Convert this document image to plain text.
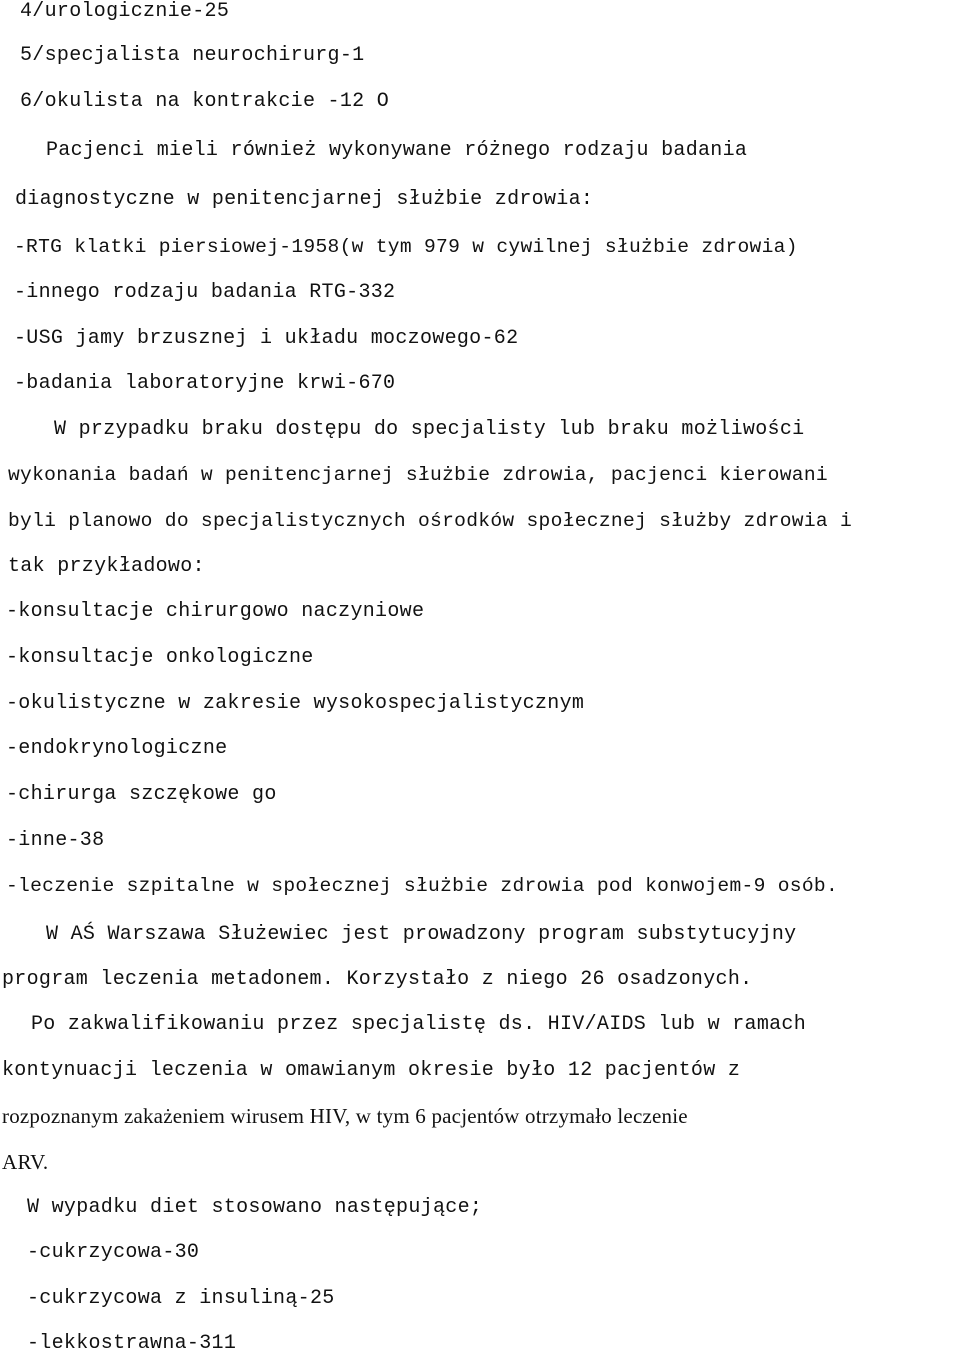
4/urologicznie-25
5/specjalista neurochirurg-1
6/okulista na kontrakcie -12 O
Pacjenci mieli również wykonywane różnego rodzaju badania
diagnostyczne w penitencjarnej służbie zdrowia:
-RTG klatki piersiowej-1958(w tym 979 w cywilnej służbie zdrowia)
-innego rodzaju badania RTG-332
-USG jamy brzusznej i układu moczowego-62
-badania laboratoryjne krwi-670
W przypadku braku dostępu do specjalisty lub braku możliwości
wykonania badań w penitencjarnej służbie zdrowia, pacjenci kierowani
byli planowo do specjalistycznych ośrodków społecznej służby zdrowia i
tak przykładowo:
-konsultacje chirurgowo naczyniowe
-konsultacje onkologiczne
-okulistyczne w zakresie wysokospecjalistycznym
-endokrynologiczne
-chirurga szczękowe go
-inne-38
-leczenie szpitalne w społecznej służbie zdrowia pod konwojem-9 osób.
W AŚ Warszawa Służewiec jest prowadzony program substytucyjny
program leczenia metadonem. Korzystało z niego 26 osadzonych.
Po zakwalifikowaniu przez specjalistę ds. HIV/AIDS lub w ramach
kontynuacji leczenia w omawianym okresie było 12 pacjentów z
rozpoznanym zakażeniem wirusem HIV, w tym 6 pacjentów otrzymało leczenie
ARV.
W wypadku diet stosowano następujące;
-cukrzycowa-30
-cukrzycowa z insuliną-25
-lekkostrawna-311
